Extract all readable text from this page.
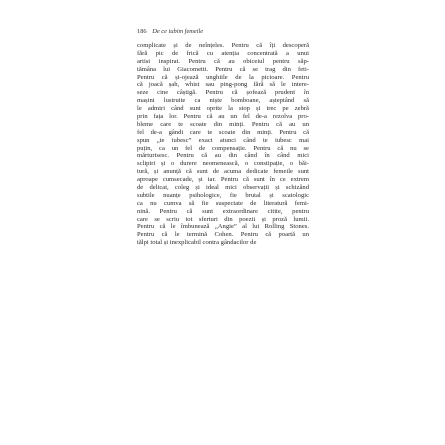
186 De ce iubim femeile
complicate și de neînțeles. Pentru că îți descoperă
fără pic de frică cu atenția concentrată a unui
artist inspirat. Pentru că au obiceiul pentru săp-
tămâna lui Giacometti. Pentru că se trag din feti-
Pentru că și-ojează unghiile de la picioare. Pentru
că joacă șah, whist sau ping-pong fără să le intere-
seze cine câștigă. Pentru că șofează prudent în
mașini lustruite ca niște bomboane, așteptând să
le admiri când sunt oprite la stop și trec pe zebră
prin fața lor. Pentru că au un fel de-a rezolva pro-
bleme care te scoate din minți. Pentru că au un
fel de-a gândi care te scoate din minți. Pentru că
spun „te iubesc” exact atunci când te iubesc mai
puțin, ca un fel de compensație. Pentru că nu se
mărturisesc. Pentru că au din când în când mici
sclipiri și o durere neomenească, o constipație, o băi-
tură, și anunță că sunt de acuma dedicate femeile sunt
aproape cumsecade, și iar. Pentru că sunt în ce extrem
de delicat, coleg și ideal mici observații și schizând
subtile nuanțe psihologice, fie brutal și scatologic
ca nu cumva să fie suspectate de literatură femi-
nină. Pentru că sunt extraordinare citite, pentru
care se scriu tot sferturi din poezii și proză lumii.
Pentru că le îmbunează „Angie” al lui Rolling Stones.
Pentru că le termină Cohen. Pentru că poartă un
tălpi total și inexplicabil contra gândacilor de
